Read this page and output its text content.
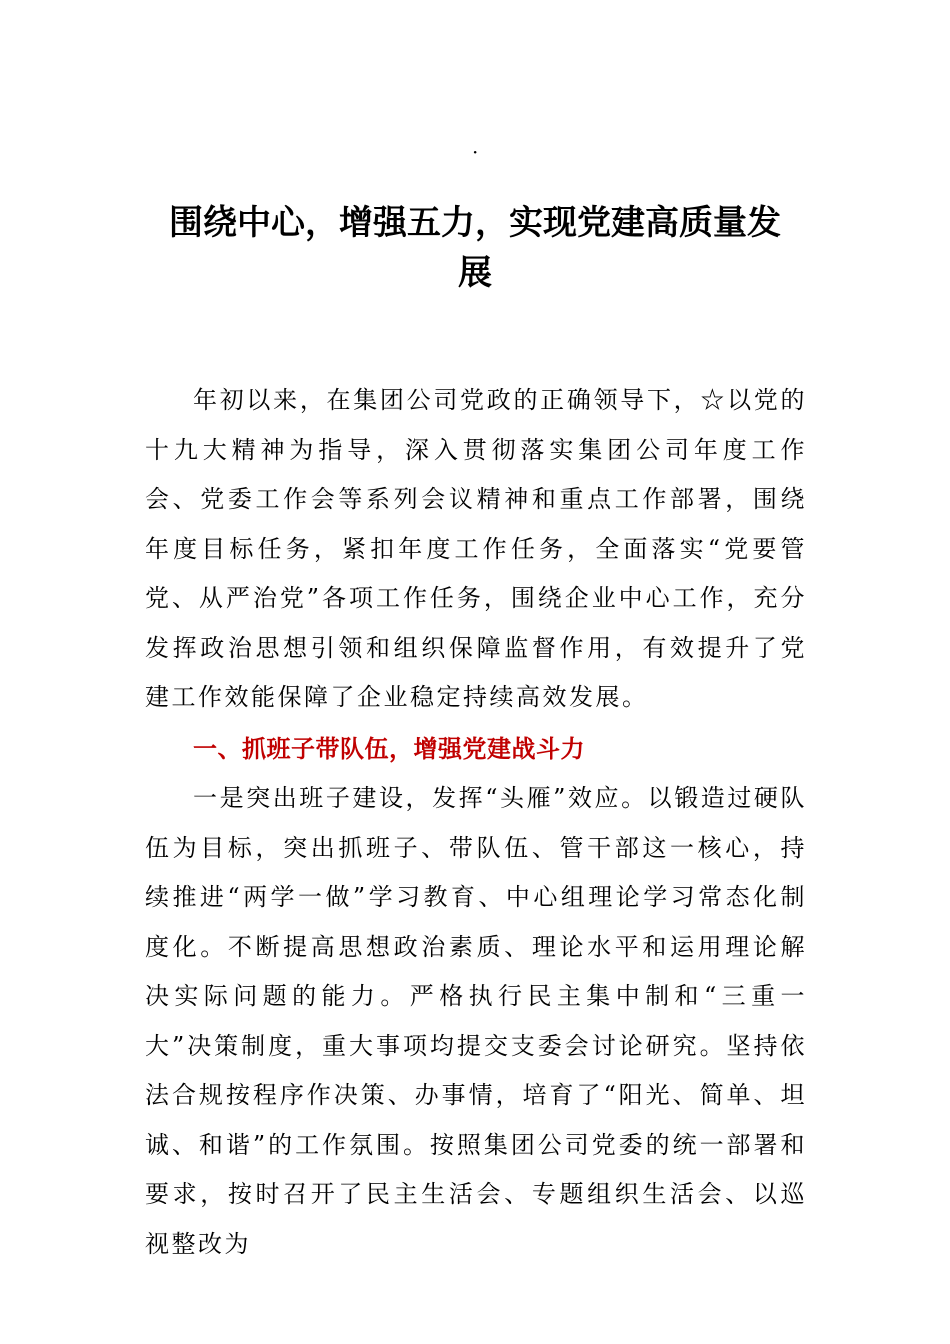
·
围绕中心，增强五力，实现党建高质量发
展

年初以来，在集团公司党政的正确领导下，☆以党的十九大精神为指导，深入贯彻落实集团公司年度工作会、党委工作会等系列会议精神和重点工作部署，围绕年度目标任务，紧扣年度工作任务，全面落实“党要管党、从严治党”各项工作任务，围绕企业中心工作，充分发挥政治思想引领和组织保障监督作用，有效提升了党建工作效能保障了企业稳定持续高效发展。

一、抓班子带队伍，增强党建战斗力

一是突出班子建设，发挥“头雁”效应。以锻造过硬队伍为目标，突出抓班子、带队伍、管干部这一核心，持续推进“两学一做”学习教育、中心组理论学习常态化制度化。不断提高思想政治素质、理论水平和运用理论解决实际问题的能力。严格执行民主集中制和“三重一大”决策制度，重大事项均提交支委会讨论研究。坚持依法合规按程序作决策、办事情，培育了“阳光、简单、坦诚、和谐”的工作氛围。按照集团公司党委的统一部署和要求，按时召开了民主生活会、专题组织生活会、以巡视整改为
